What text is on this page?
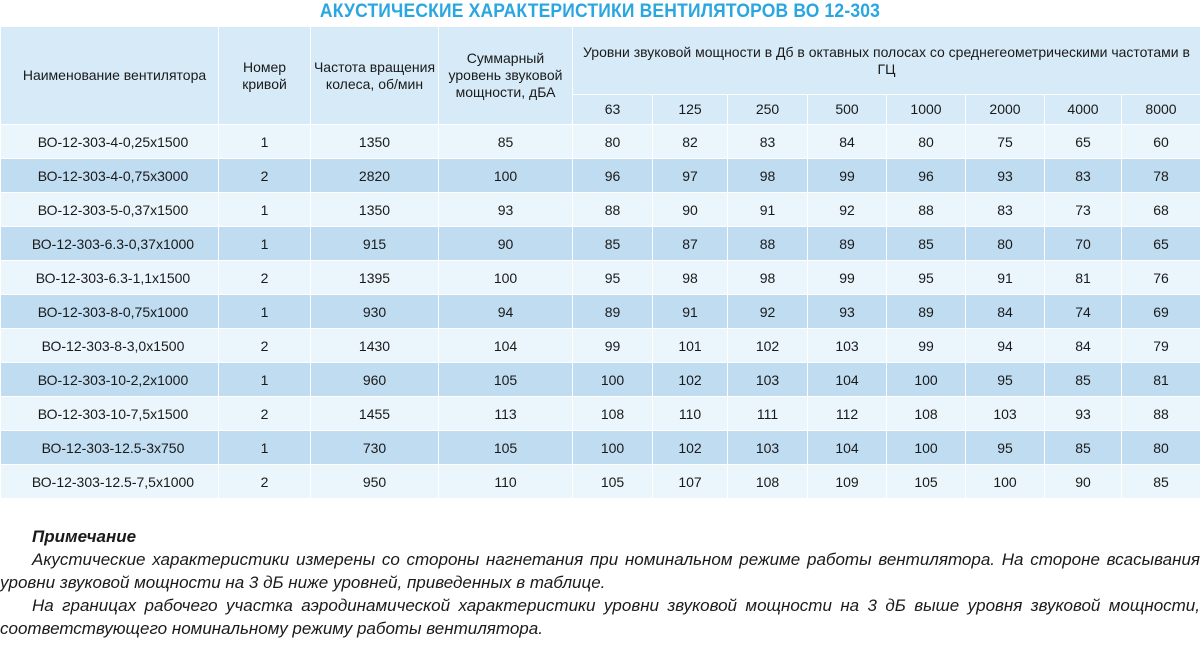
АКУСТИЧЕСКИЕ ХАРАКТЕРИСТИКИ ВЕНТИЛЯТОРОВ ВО 12-303
Наименование вентилятора	Номер кривой	Частота вращения колеса, об/мин	Суммарный уровень звуковой мощности, дБА	Уровни звуковой мощности в Дб в октавных полосах со среднегеометрическими частотами в ГЦ							
				63	125	250	500	1000	2000	4000	8000
ВО-12-303-4-0,25х1500	1	1350	85	80	82	83	84	80	75	65	60
ВО-12-303-4-0,75х3000	2	2820	100	96	97	98	99	96	93	83	78
ВО-12-303-5-0,37х1500	1	1350	93	88	90	91	92	88	83	73	68
ВО-12-303-6.3-0,37х1000	1	915	90	85	87	88	89	85	80	70	65
ВО-12-303-6.3-1,1х1500	2	1395	100	95	98	98	99	95	91	81	76
ВО-12-303-8-0,75х1000	1	930	94	89	91	92	93	89	84	74	69
ВО-12-303-8-3,0х1500	2	1430	104	99	101	102	103	99	94	84	79
ВО-12-303-10-2,2х1000	1	960	105	100	102	103	104	100	95	85	81
ВО-12-303-10-7,5х1500	2	1455	113	108	110	111	112	108	103	93	88
ВО-12-303-12.5-3х750	1	730	105	100	102	103	104	100	95	85	80
ВО-12-303-12.5-7,5х1000	2	950	110	105	107	108	109	105	100	90	85
Примечание

Акустические характеристики измерены со стороны нагнетания при номинальном режиме работы вентилятора. На стороне всасывания уровни звуковой мощности на 3 дБ ниже уровней, приведенных в таблице.

На границах рабочего участка аэродинамической характеристики уровни звуковой мощности на 3 дБ выше уровня звуковой мощности, соответствующего номинальному режиму работы вентилятора.
